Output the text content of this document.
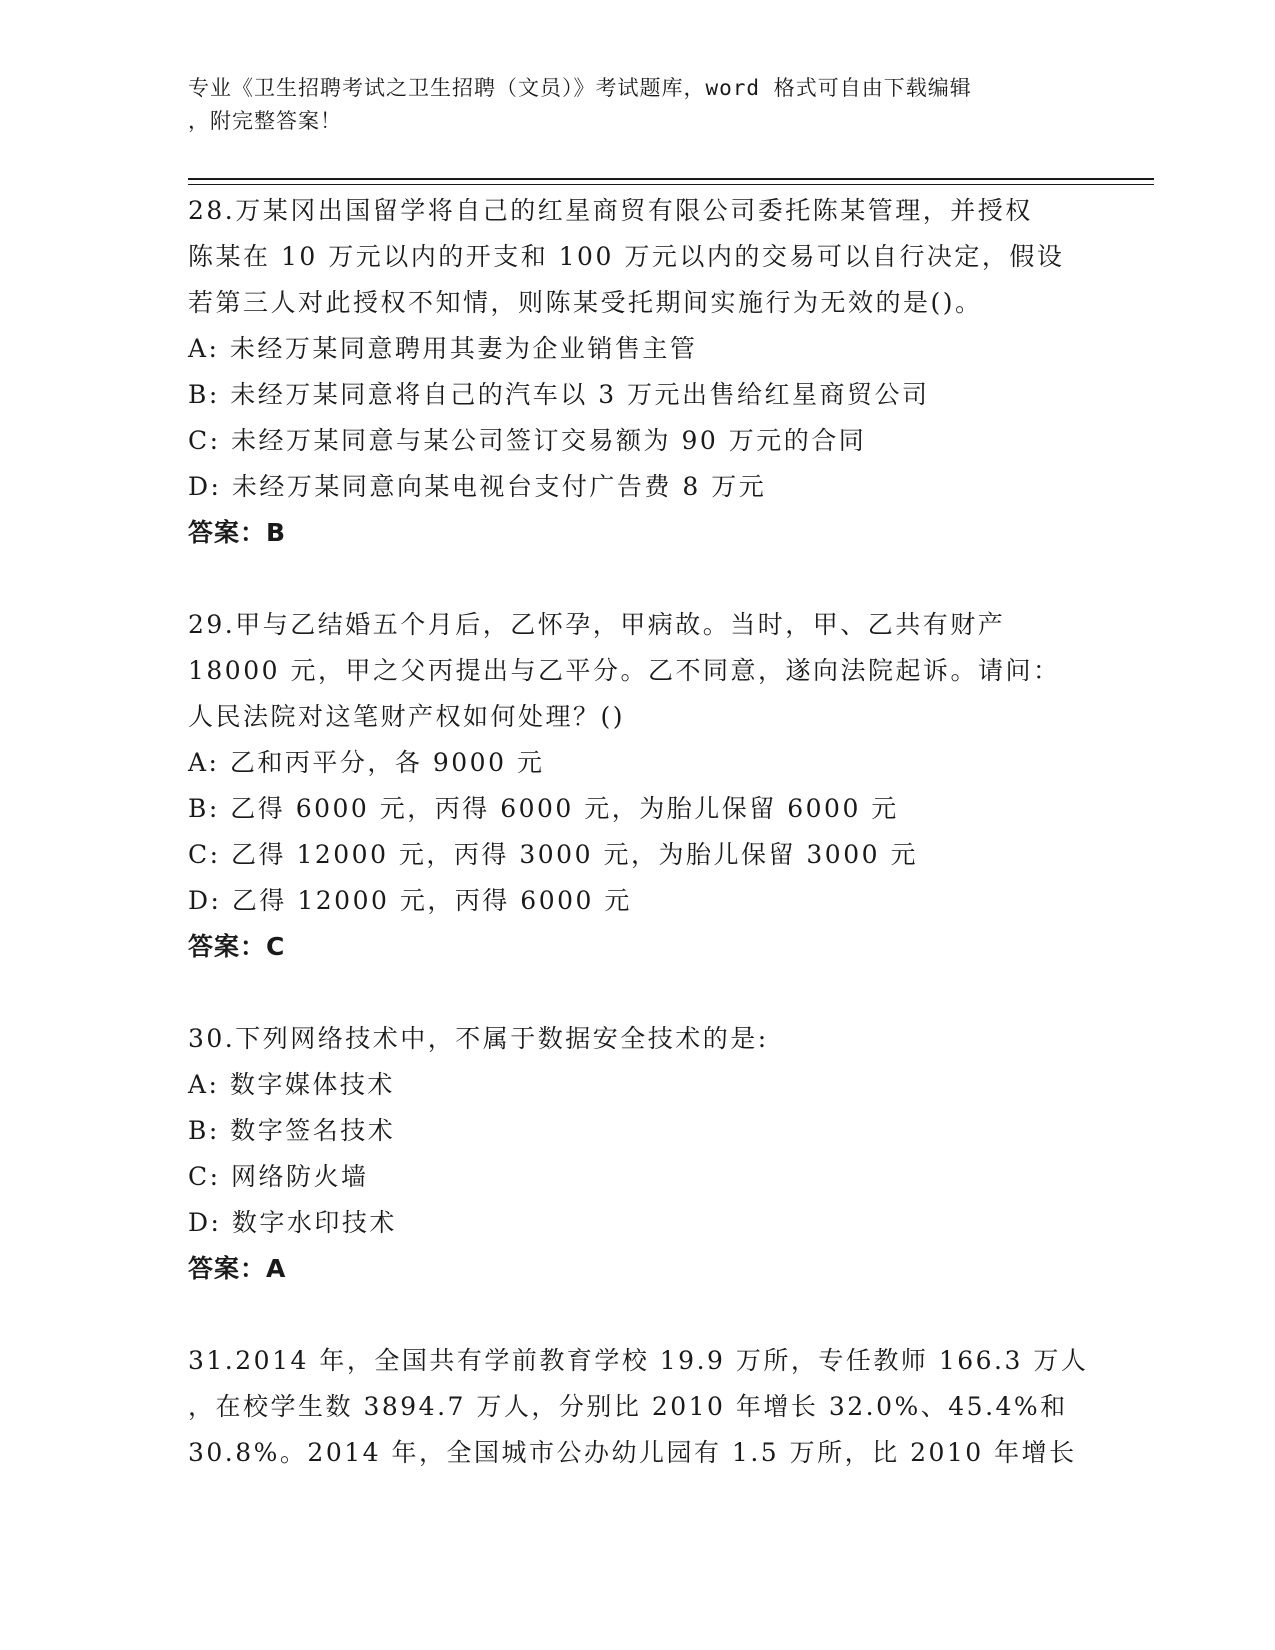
专业《卫生招聘考试之卫生招聘（文员）》考试题库，word 格式可自由下载编辑
，附完整答案！
28.万某冈出国留学将自己的红星商贸有限公司委托陈某管理，并授权
陈某在 10 万元以内的开支和 100 万元以内的交易可以自行决定，假设
若第三人对此授权不知情，则陈某受托期间实施行为无效的是()。
A: 未经万某同意聘用其妻为企业销售主管
B: 未经万某同意将自己的汽车以 3 万元出售给红星商贸公司
C: 未经万某同意与某公司签订交易额为 90 万元的合同
D: 未经万某同意向某电视台支付广告费 8 万元
答案：B
29.甲与乙结婚五个月后，乙怀孕，甲病故。当时，甲、乙共有财产
18000 元，甲之父丙提出与乙平分。乙不同意，遂向法院起诉。请问：
人民法院对这笔财产权如何处理？()
A: 乙和丙平分，各 9000 元
B: 乙得 6000 元，丙得 6000 元，为胎儿保留 6000 元
C: 乙得 12000 元，丙得 3000 元，为胎儿保留 3000 元
D: 乙得 12000 元，丙得 6000 元
答案：C
30.下列网络技术中，不属于数据安全技术的是:
A: 数字媒体技术
B: 数字签名技术
C: 网络防火墙
D: 数字水印技术
答案：A
31.2014 年，全国共有学前教育学校 19.9 万所，专任教师 166.3 万人
，在校学生数 3894.7 万人，分别比 2010 年增长 32.0%、45.4%和
30.8%。2014 年，全国城市公办幼儿园有 1.5 万所，比 2010 年增长
